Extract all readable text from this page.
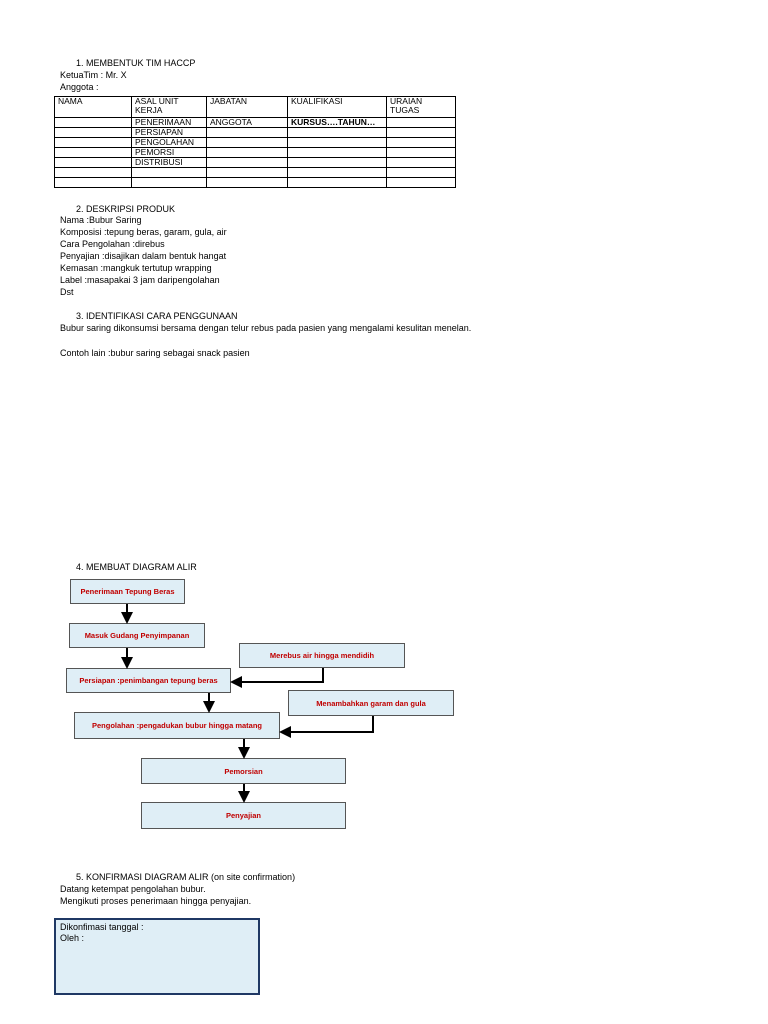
1. MEMBENTUK TIM HACCP
KetuaTim : Mr. X
Anggota :
NAMA	ASAL UNIT KERJA	JABATAN	KUALIFIKASI	URAIAN TUGAS
	PENERIMAAN	ANGGOTA	KURSUS….TAHUN…	
	PERSIAPAN			
	PENGOLAHAN			
	PEMORSI			
	DISTRIBUSI			

2. DESKRIPSI PRODUK
Nama :Bubur Saring
Komposisi :tepung beras, garam, gula, air
Cara Pengolahan :direbus
Penyajian :disajikan dalam bentuk hangat
Kemasan :mangkuk tertutup wrapping
Label :masapakai 3 jam daripengolahan
Dst
3. IDENTIFIKASI CARA PENGGUNAAN
Bubur saring dikonsumsi bersama dengan telur rebus pada pasien yang mengalami kesulitan menelan.
Contoh lain :bubur saring sebagai snack pasien
4. MEMBUAT DIAGRAM ALIR
Penerimaan Tepung Beras
Masuk Gudang Penyimpanan
Merebus air hingga mendidih
Persiapan :penimbangan tepung beras
Menambahkan garam dan gula
Pengolahan :pengadukan bubur hingga matang
Pemorsian
Penyajian
5. KONFIRMASI DIAGRAM ALIR (on site confirmation)
Datang ketempat pengolahan bubur.
Mengikuti proses penerimaan hingga penyajian.
Dikonfimasi tanggal :
Oleh :
